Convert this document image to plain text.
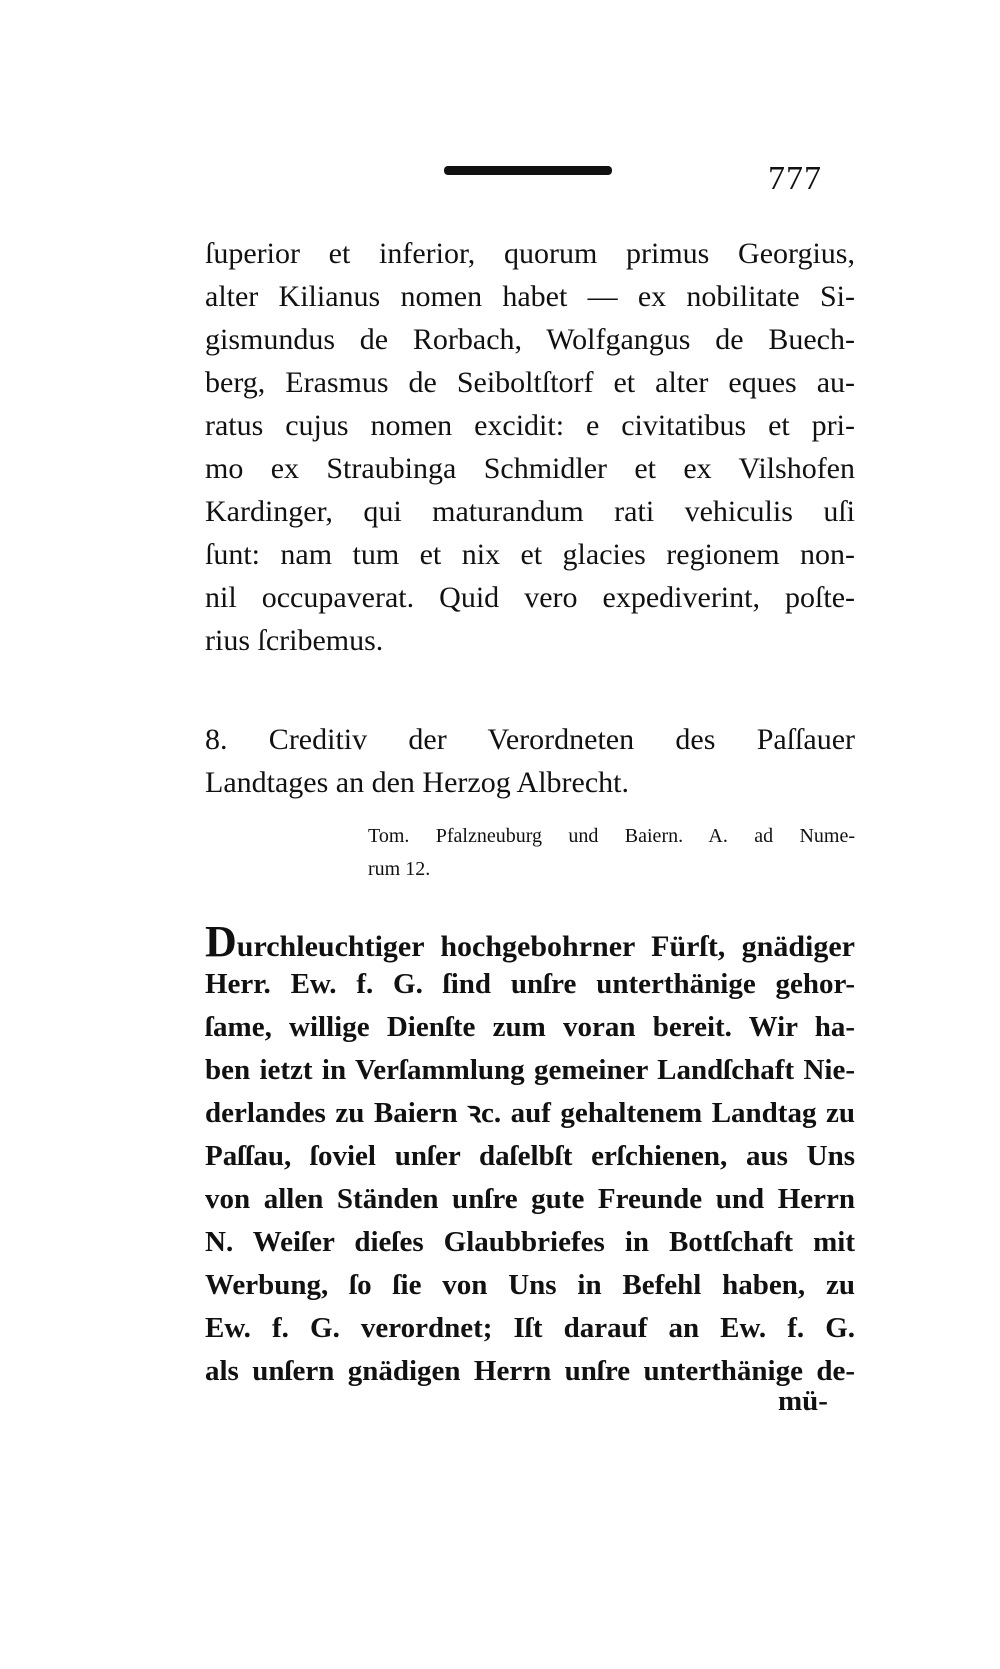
777
ſuperior et inferior, quorum primus Georgius,
alter Kilianus nomen habet — ex nobilitate Si-
gismundus de Rorbach, Wolfgangus de Buech-
berg, Erasmus de Seiboltſtorf et alter eques au-
ratus cujus nomen excidit: e civitatibus et pri-
mo ex Straubinga Schmidler et ex Vilshofen
Kardinger, qui maturandum rati vehiculis uſi
ſunt: nam tum et nix et glacies regionem non-
nil occupaverat. Quid vero expediverint, poſte-
rius ſcribemus.
8. Creditiv der Verordneten des Paſſauer
Landtages an den Herzog Albrecht.
Tom. Pfalzneuburg und Baiern. A. ad Nume-
rum 12.
Durchleuchtiger hochgebohrner Fürſt, gnädiger
Herr. Ew. f. G. ſind unſre unterthänige gehor-
ſame, willige Dienſte zum voran bereit. Wir ha-
ben ietzt in Verſammlung gemeiner Landſchaft Nie-
derlandes zu Baiern ꝛc. auf gehaltenem Landtag zu
Paſſau, ſoviel unſer daſelbſt erſchienen, aus Uns
von allen Ständen unſre gute Freunde und Herrn
N. Weiſer dieſes Glaubbriefes in Bottſchaft mit
Werbung, ſo ſie von Uns in Befehl haben, zu
Ew. f. G. verordnet; Iſt darauf an Ew. f. G.
als unſern gnädigen Herrn unſre unterthänige de-
mü-
